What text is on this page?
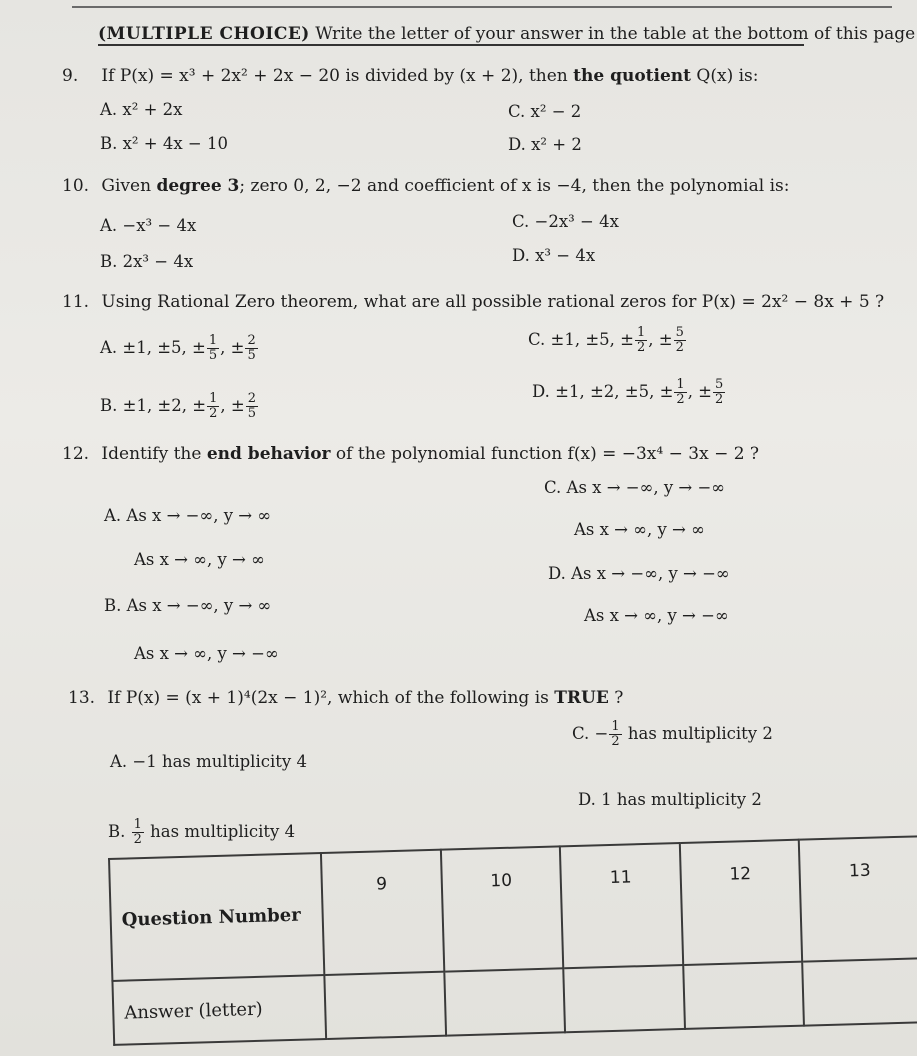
(MULTIPLE CHOICE) Write the letter of your answer in the table at the bottom of this page
9. If P(x) = x³ + 2x² + 2x − 20 is divided by (x + 2), then the quotient Q(x) is:
A. x² + 2x
B. x² + 4x − 10
C. x² − 2
D. x² + 2
10. Given degree 3; zero 0, 2, −2 and coefficient of x is −4, then the polynomial is:
A. −x³ − 4x
B. 2x³ − 4x
C. −2x³ − 4x
D. x³ − 4x
11. Using Rational Zero theorem, what are all possible rational zeros for P(x) = 2x² − 8x + 5 ?
A. ±1, ±5, ± $\frac{1}{5}$ , ± $\frac{2}{5}$
B. ±1, ±2, ± $\frac{1}{2}$ , ± $\frac{2}{5}$
C. ±1, ±5, ± $\frac{1}{2}$ , ± $\frac{5}{2}$
D. ±1, ±2, ±5, ± $\frac{1}{2}$ , ± $\frac{5}{2}$
12. Identify the end behavior of the polynomial function f(x) = −3x⁴ − 3x − 2 ?
A. As x → −∞, y → ∞
As x → ∞, y → ∞
B. As x → −∞, y → ∞
As x → ∞, y → −∞
C. As x → −∞, y → −∞
As x → ∞, y → ∞
D. As x → −∞, y → −∞
As x → ∞, y → −∞
13. If P(x) = (x + 1)⁴(2x − 1)², which of the following is TRUE ?
A. −1 has multiplicity 4
B. $\frac{1}{2}$ has multiplicity 4
C. − $\frac{1}{2}$ has multiplicity 2
D. 1 has multiplicity 2
Question Number	9	10	11	12	13
Answer (letter)					
